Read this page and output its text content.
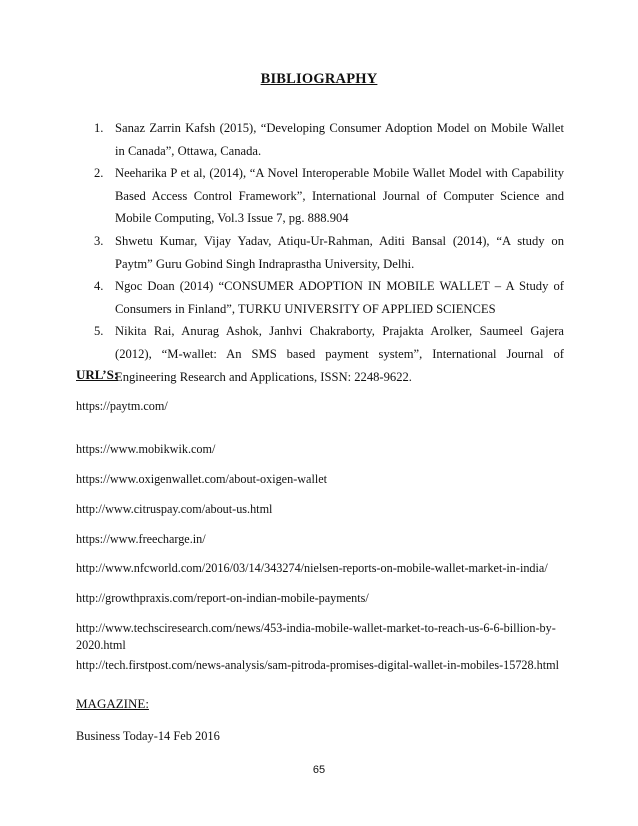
BIBLIOGRAPHY
1. Sanaz Zarrin Kafsh (2015), “Developing Consumer Adoption Model on Mobile Wallet in Canada”, Ottawa, Canada.
2. Neeharika P et al, (2014), “A Novel Interoperable Mobile Wallet Model with Capability Based Access Control Framework”, International Journal of Computer Science and Mobile Computing, Vol.3 Issue 7, pg. 888.904
3. Shwetu Kumar, Vijay Yadav, Atiqu-Ur-Rahman, Aditi Bansal (2014), “A study on Paytm” Guru Gobind Singh Indraprastha University, Delhi.
4. Ngoc Doan (2014) “CONSUMER ADOPTION IN MOBILE WALLET – A Study of Consumers in Finland”, TURKU UNIVERSITY OF APPLIED SCIENCES
5. Nikita Rai, Anurag Ashok, Janhvi Chakraborty, Prajakta Arolker, Saumeel Gajera (2012), “M-wallet: An SMS based payment system”, International Journal of Engineering Research and Applications, ISSN: 2248-9622.
URL’S:
https://paytm.com/
https://www.mobikwik.com/
https://www.oxigenwallet.com/about-oxigen-wallet
http://www.citruspay.com/about-us.html
https://www.freecharge.in/
http://www.nfcworld.com/2016/03/14/343274/nielsen-reports-on-mobile-wallet-market-in-india/
http://growthpraxis.com/report-on-indian-mobile-payments/
http://www.techsciresearch.com/news/453-india-mobile-wallet-market-to-reach-us-6-6-billion-by-2020.html
http://tech.firstpost.com/news-analysis/sam-pitroda-promises-digital-wallet-in-mobiles-15728.html
MAGAZINE:
Business Today-14 Feb 2016
65
